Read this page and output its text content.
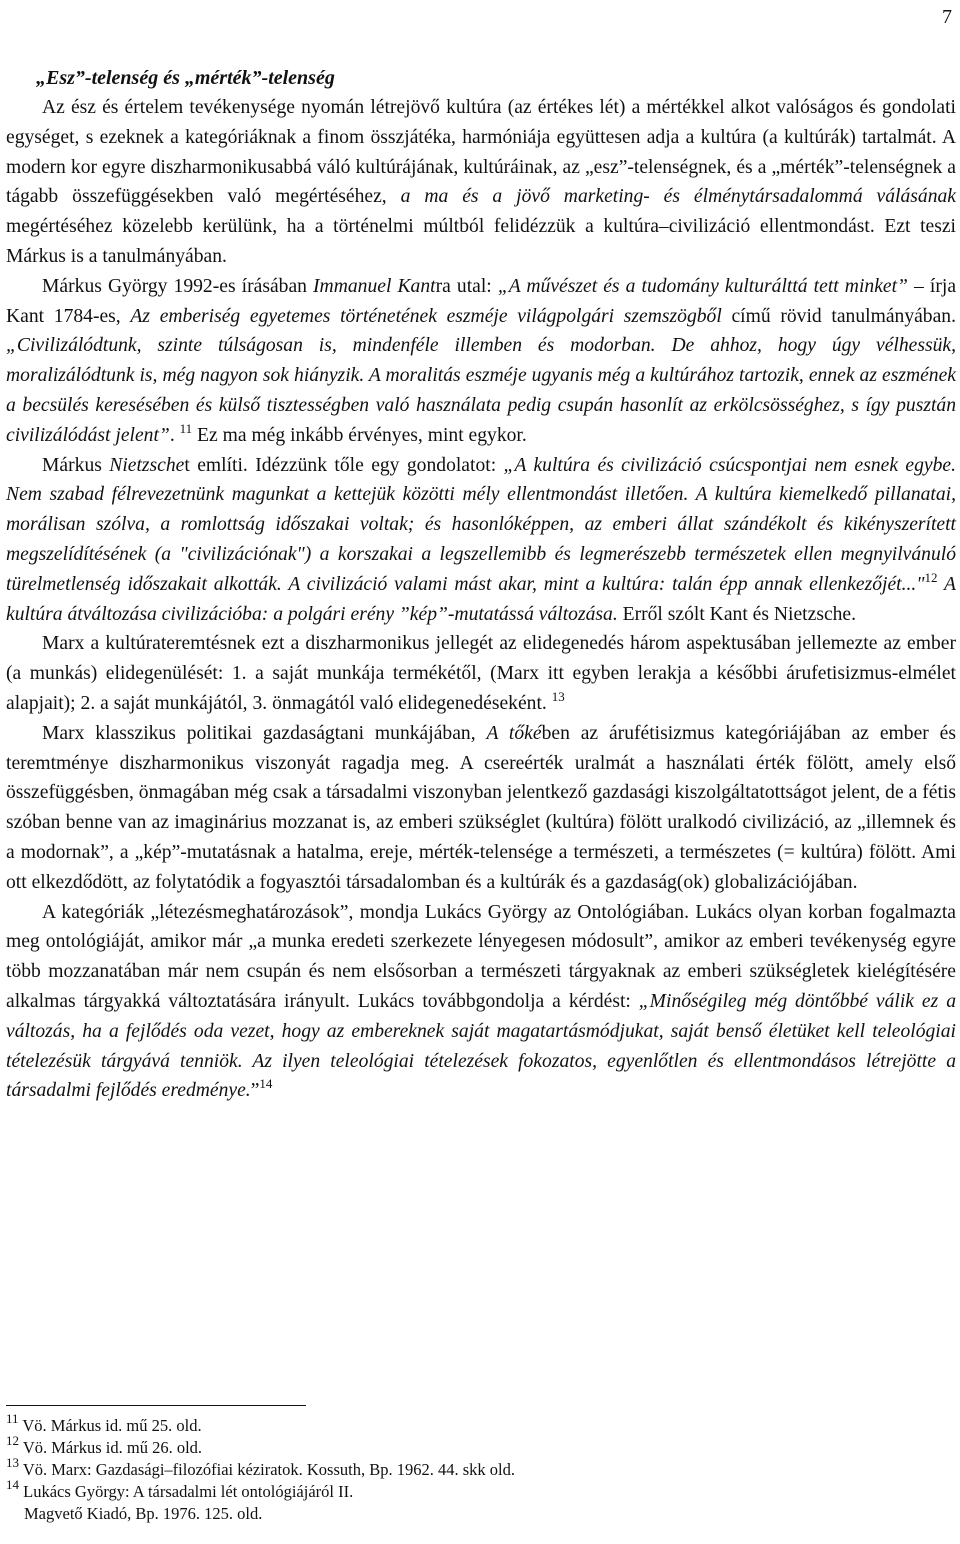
7
„Esz”-telenség és „mérték”-telenség

Az ész és értelem tevékenysége nyomán létrejövő kultúra (az értékes lét) a mértékkel alkot valóságos és gondolati egységet, s ezeknek a kategóriáknak a finom összjátéka, harmóniája együttesen adja a kultúra (a kultúrák) tartalmát. A modern kor egyre diszharmonikusabbá váló kultúrájának, kultúráinak, az „esz”-telenségnek, és a „mérték”-telenségnek a tágabb összefüggésekben való megértéséhez, a ma és a jövő marketing- és élménytársadalommá válásának megértéséhez közelebb kerülünk, ha a történelmi múltból felidézzük a kultúra–civilizáció ellentmondást. Ezt teszi Márkus is a tanulmányában.

Márkus György 1992-es írásában Immanuel Kantra utal: „A művészet és a tudomány kulturálttá tett minket” – írja Kant 1784-es, Az emberiség egyetemes történetének eszméje világpolgári szemszögből című rövid tanulmányában. „Civilizálódtunk, szinte túlságosan is, mindenféle illemben és modorban. De ahhoz, hogy úgy vélhessük, moralizálódtunk is, még nagyon sok hiányzik. A moralitás eszméje ugyanis még a kultúrához tartozik, ennek az eszmének a becsülés keresésében és külső tisztességben való használata pedig csupán hasonlít az erkölcsösséghez, s így pusztán civilizálódást jelent”. $^{11}$ Ez ma még inkább érvényes, mint egykor.

Márkus Nietzschet említi. Idézzünk tőle egy gondolatot: „A kultúra és civilizáció csúcspontjai nem esnek egybe. Nem szabad félrevezetnünk magunkat a kettejük közötti mély ellentmondást illetően. A kultúra kiemelkedő pillanatai, morálisan szólva, a romlottság időszakai voltak; és hasonlóképpen, az emberi állat szándékolt és kikényszerített megszelídítésének (a "civilizációnak") a korszakai a legszellemibb és legmerészebb természetek ellen megnyilvánuló türelmetlenség időszakait alkották. A civilizáció valami mást akar, mint a kultúra: talán épp annak ellenkezőjét..."$^{12}$ A kultúra átváltozása civilizációba: a polgári erény ”kép”-mutatássá változása. Erről szólt Kant és Nietzsche.

Marx a kultúrateremtésnek ezt a diszharmonikus jellegét az elidegenedés három aspektusában jellemezte az ember (a munkás) elidegenülését: 1. a saját munkája termékétől, (Marx itt egyben lerakja a későbbi árufetisizmus-elmélet alapjait); 2. a saját munkájától, 3. önmagától való elidegenedéseként. $^{13}$

Marx klasszikus politikai gazdaságtani munkájában, A tőkében az árufétisizmus kategóriájában az ember és teremtménye diszharmonikus viszonyát ragadja meg. A csereérték uralmát a használati érték fölött, amely első összefüggésben, önmagában még csak a társadalmi viszonyban jelentkező gazdasági kiszolgáltatottságot jelent, de a fétis szóban benne van az imaginárius mozzanat is, az emberi szükséglet (kultúra) fölött uralkodó civilizáció, az „illemnek és a modornak”, a „kép”-mutatásnak a hatalma, ereje, mérték-telensége a természeti, a természetes (= kultúra) fölött. Ami ott elkezdődött, az folytatódik a fogyasztói társadalomban és a kultúrák és a gazdaság(ok) globalizációjában.

A kategóriák „létezésmeghatározások”, mondja Lukács György az Ontológiában. Lukács olyan korban fogalmazta meg ontológiáját, amikor már „a munka eredeti szerkezete lényegesen módosult”, amikor az emberi tevékenység egyre több mozzanatában már nem csupán és nem elsősorban a természeti tárgyaknak az emberi szükségletek kielégítésére alkalmas tárgyakká változtatására irányult. Lukács továbbgondolja a kérdést: „Minőségileg még döntőbbé válik ez a változás, ha a fejlődés oda vezet, hogy az embereknek saját magatartásmódjukat, saját benső életüket kell teleológiai tételezésük tárgyává tenniök. Az ilyen teleológiai tételezések fokozatos, egyenlőtlen és ellentmondásos létrejötte a társadalmi fejlődés eredménye.”$^{14}$

$^{11}$ Vö. Márkus id. mű 25. old.
$^{12}$ Vö. Márkus id. mű 26. old.
$^{13}$ Vö. Marx: Gazdasági–filozófiai kéziratok. Kossuth, Bp. 1962. 44. skk old.
$^{14}$ Lukács György: A társadalmi lét ontológiájáról II.
Magvető Kiadó, Bp. 1976. 125. old.
